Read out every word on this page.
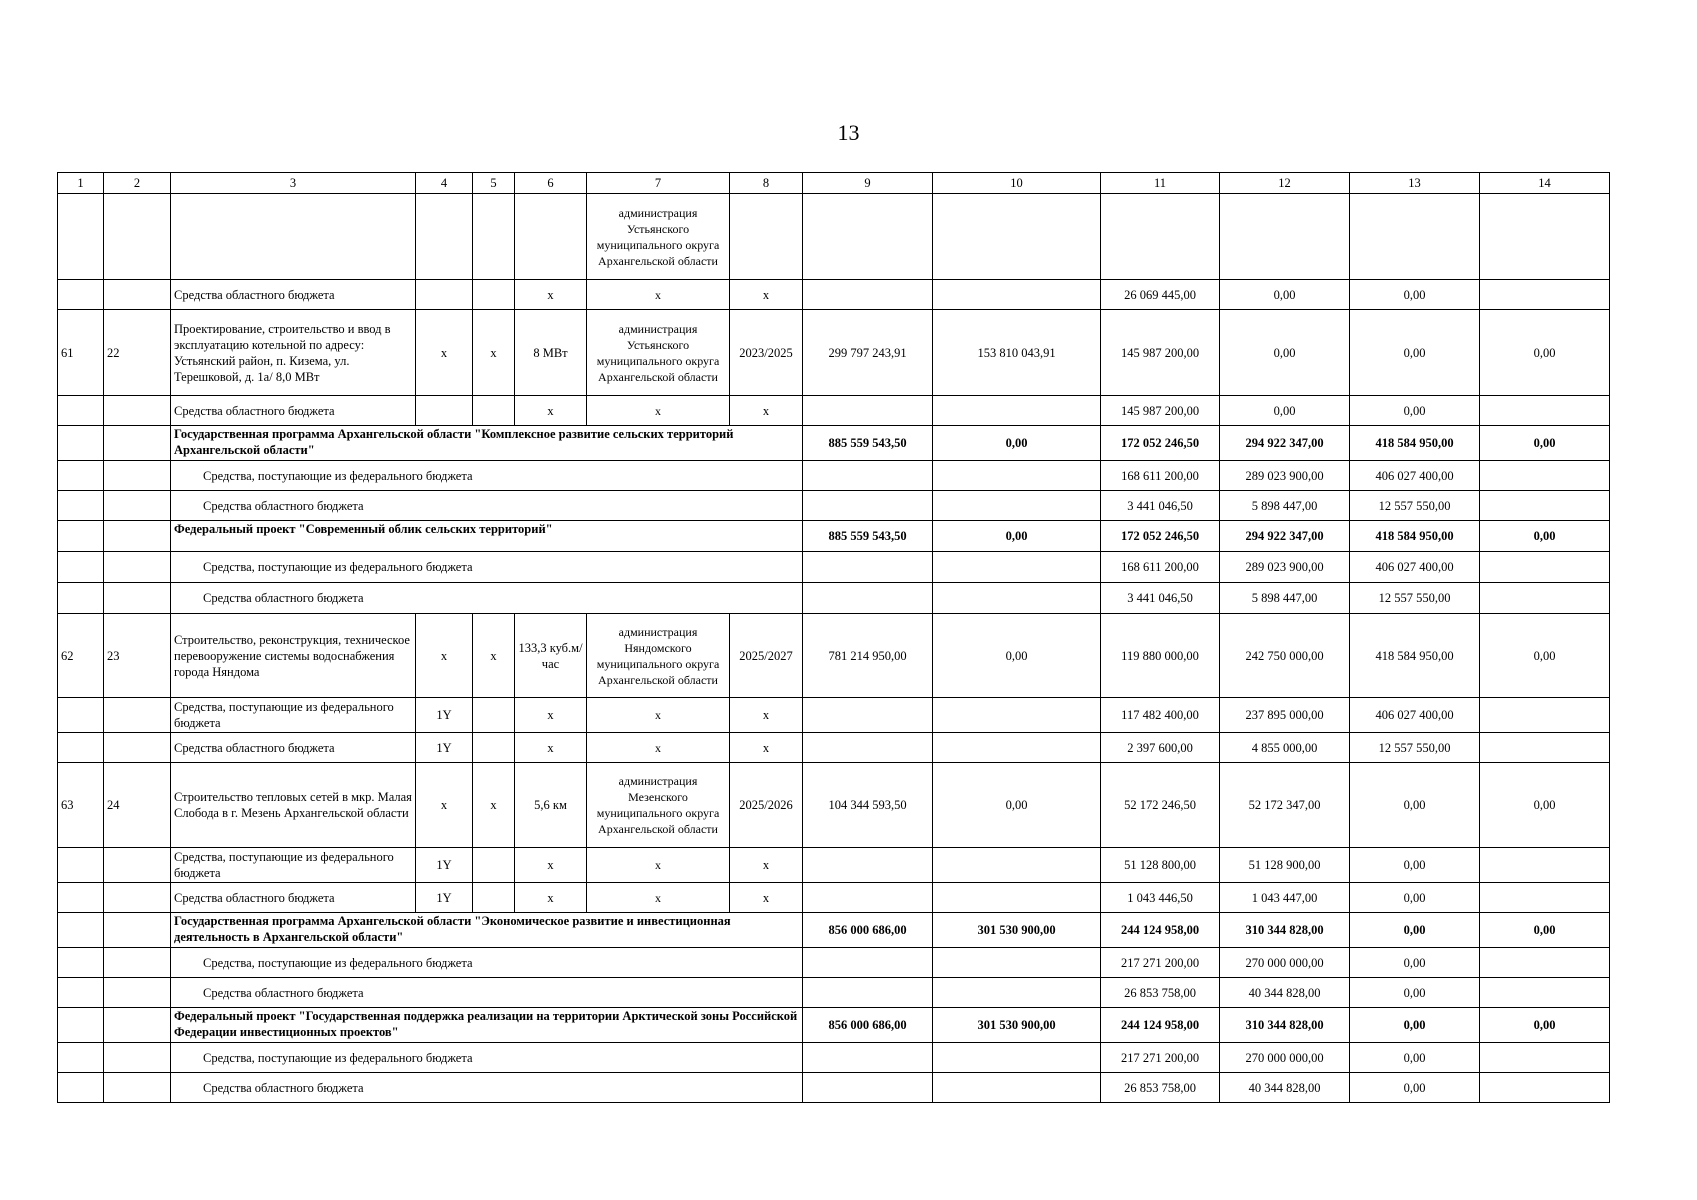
13
1	2	3	4	5	6	7	8	9	10	11	12	13	14
						администрация Устьянского муниципального округа Архангельской области							
		Средства областного бюджета			x	x	x			26 069 445,00	0,00	0,00	
61	22	Проектирование, строительство и ввод в эксплуатацию котельной по адресу: Устьянский район, п. Кизема, ул. Терешковой, д. 1а/ 8,0 МВт	x	x	8 МВт	администрация Устьянского муниципального округа Архангельской области	2023/2025	299 797 243,91	153 810 043,91	145 987 200,00	0,00	0,00	0,00
		Средства областного бюджета			x	x	x			145 987 200,00	0,00	0,00	
		Государственная программа Архангельской области "Комплексное развитие сельских территорий Архангельской области"						885 559 543,50	0,00	172 052 246,50	294 922 347,00	418 584 950,00	0,00
		Средства, поступающие из федерального бюджета								168 611 200,00	289 023 900,00	406 027 400,00	
		Средства областного бюджета								3 441 046,50	5 898 447,00	12 557 550,00	
		Федеральный проект "Современный облик сельских территорий"						885 559 543,50	0,00	172 052 246,50	294 922 347,00	418 584 950,00	0,00
		Средства, поступающие из федерального бюджета								168 611 200,00	289 023 900,00	406 027 400,00	
		Средства областного бюджета								3 441 046,50	5 898 447,00	12 557 550,00	
62	23	Строительство, реконструкция, техническое перевооружение системы водоснабжения города Няндома	x	x	133,3 куб.м/час	администрация Няндомского муниципального округа Архангельской области	2025/2027	781 214 950,00	0,00	119 880 000,00	242 750 000,00	418 584 950,00	0,00
		Средства, поступающие из федерального бюджета	1Y		x	x	x			117 482 400,00	237 895 000,00	406 027 400,00	
		Средства областного бюджета	1Y		x	x	x			2 397 600,00	4 855 000,00	12 557 550,00	
63	24	Строительство тепловых сетей в мкр. Малая Слобода в г. Мезень Архангельской области	x	x	5,6 км	администрация Мезенского муниципального округа Архангельской области	2025/2026	104 344 593,50	0,00	52 172 246,50	52 172 347,00	0,00	0,00
		Средства, поступающие из федерального бюджета	1Y		x	x	x			51 128 800,00	51 128 900,00	0,00	
		Средства областного бюджета	1Y		x	x	x			1 043 446,50	1 043 447,00	0,00	
		Государственная программа Архангельской области "Экономическое развитие и инвестиционная деятельность в Архангельской области"						856 000 686,00	301 530 900,00	244 124 958,00	310 344 828,00	0,00	0,00
		Средства, поступающие из федерального бюджета								217 271 200,00	270 000 000,00	0,00	
		Средства областного бюджета								26 853 758,00	40 344 828,00	0,00	
		Федеральный проект "Государственная поддержка реализации на территории Арктической зоны Российской Федерации инвестиционных проектов"						856 000 686,00	301 530 900,00	244 124 958,00	310 344 828,00	0,00	0,00
		Средства, поступающие из федерального бюджета								217 271 200,00	270 000 000,00	0,00	
		Средства областного бюджета								26 853 758,00	40 344 828,00	0,00	
